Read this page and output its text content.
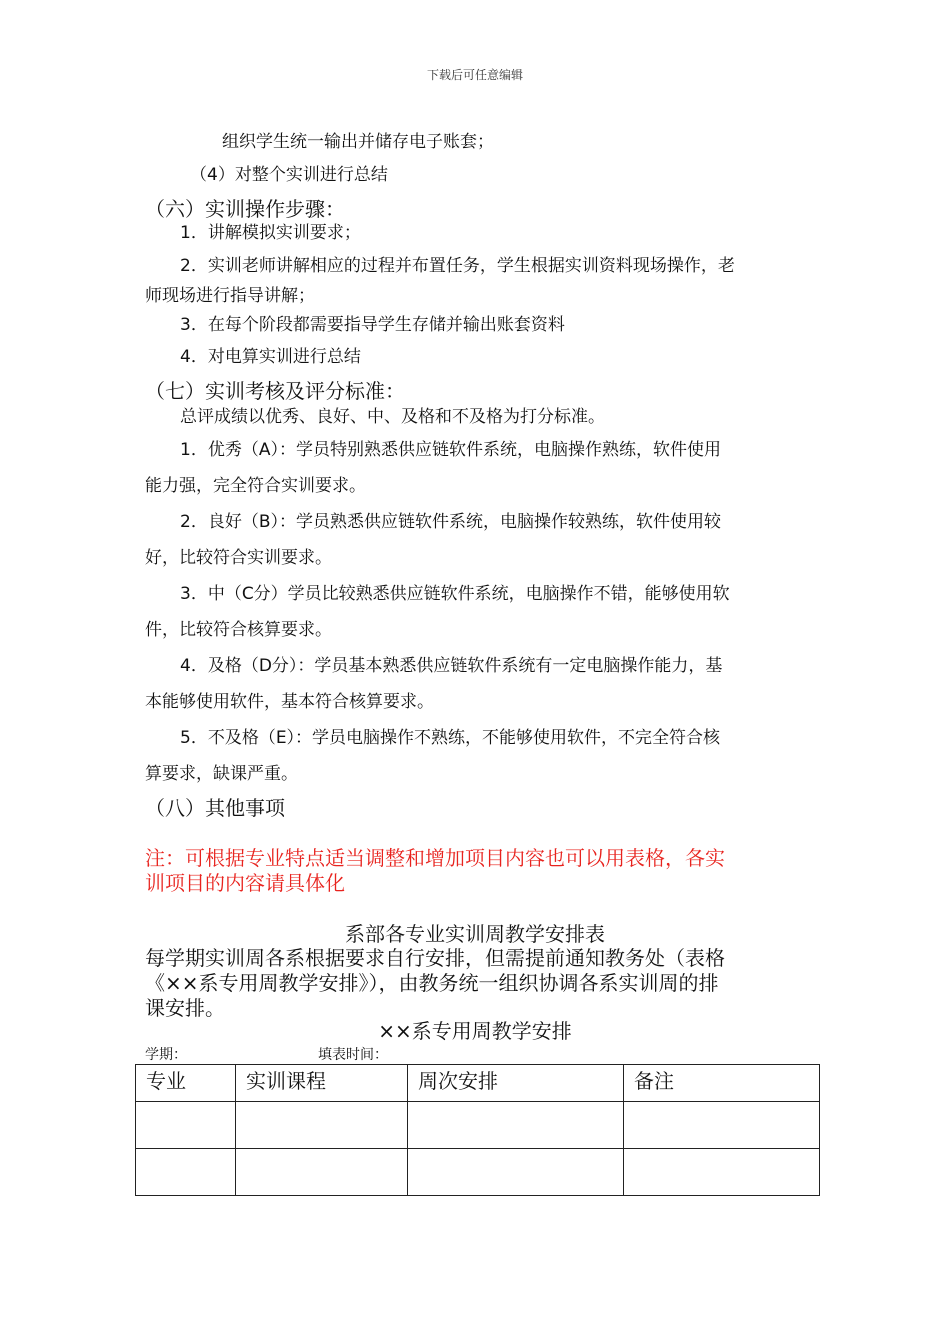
下载后可任意编辑
组织学生统一输出并储存电子账套；
（4）对整个实训进行总结
（六）实训操作步骤：
1．讲解模拟实训要求；
2．实训老师讲解相应的过程并布置任务，学生根据实训资料现场操作，老
师现场进行指导讲解；
3．在每个阶段都需要指导学生存储并输出账套资料
4．对电算实训进行总结
（七）实训考核及评分标准：
总评成绩以优秀、良好、中、及格和不及格为打分标准。
1．优秀（A）：学员特别熟悉供应链软件系统，电脑操作熟练，软件使用
能力强，完全符合实训要求。
2．良好（B）：学员熟悉供应链软件系统，电脑操作较熟练，软件使用较
好，比较符合实训要求。
3．中（C分）学员比较熟悉供应链软件系统，电脑操作不错，能够使用软
件，比较符合核算要求。
4．及格（D分）：学员基本熟悉供应链软件系统有一定电脑操作能力，基
本能够使用软件，基本符合核算要求。
5．不及格（E）：学员电脑操作不熟练，不能够使用软件，不完全符合核
算要求，缺课严重。
（八）其他事项
注：可根据专业特点适当调整和增加项目内容也可以用表格，各实
训项目的内容请具体化
系部各专业实训周教学安排表
每学期实训周各系根据要求自行安排，但需提前通知教务处（表格
《××系专用周教学安排》），由教务统一组织协调各系实训周的排
课安排。
××系专用周教学安排
学期：	填表时间：
专业	实训课程	周次安排	备注
